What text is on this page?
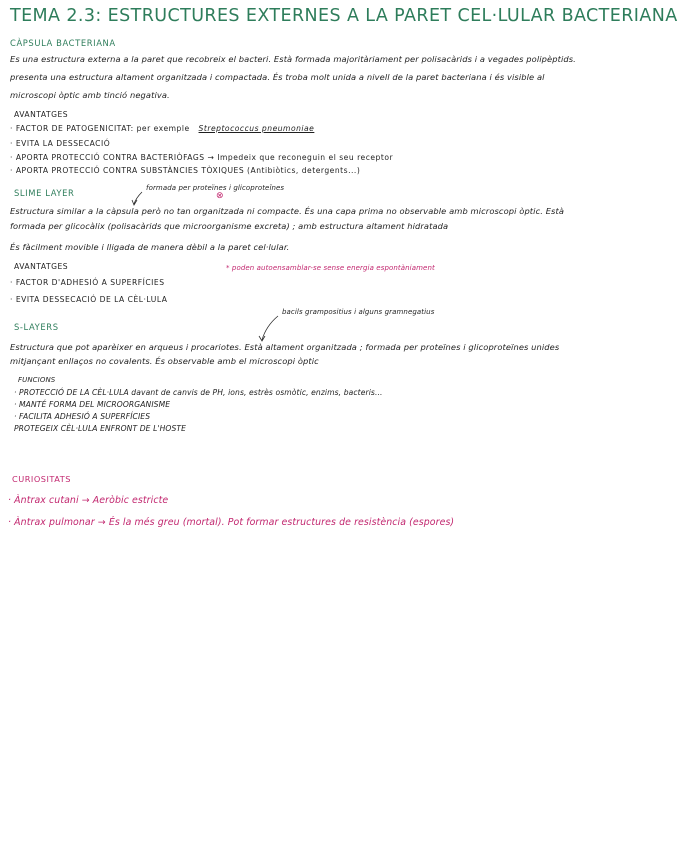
TEMA 2.3: ESTRUCTURES EXTERNES A LA PARET CEL·LULAR BACTERIANA
CÀPSULA BACTERIANA
Es una estructura externa a la paret que recobreix el bacteri. Està formada majoritàriament per polisacàrids i a vegades polipèptids.
presenta una estructura altament organitzada i compactada. És troba molt unida a nivell de la paret bacteriana i és visible al
microscopi òptic amb tinció negativa.
AVANTATGES
· FACTOR DE PATOGENICITAT: per exemple Streptococcus pneumoniae
· EVITA LA DESSECACIÓ
· APORTA PROTECCIÓ CONTRA BACTERIÒFAGS → Impedeix que reconeguin el seu receptor
· APORTA PROTECCIÓ CONTRA SUBSTÀNCIES TÒXIQUES (Antibiòtics, detergents...)
SLIME LAYER	formada per proteïnes i glicoproteïnes
⊗
Estructura similar a la càpsula però no tan organitzada ni compacte. És una capa prima no observable amb microscopi òptic. Està
formada per glicocàlix (polisacàrids que microorganisme excreta) ; amb estructura altament hidratada
És fàcilment movible i lligada de manera dèbil a la paret cel·lular.
AVANTATGES	* poden autoensamblar-se sense energia espontàniament
· FACTOR D'ADHESIÓ A SUPERFÍCIES
· EVITA DESSECACIÓ DE LA CÈL·LULA
S-LAYERS
bacils grampositius i alguns gramnegatius
Estructura que pot aparèixer en arqueus i procariotes. Està altament organitzada ; formada per proteïnes i glicoproteïnes unides
mitjançant enllaços no covalents. És observable amb el microscopi òptic
FUNCIONS
· PROTECCIÓ DE LA CÈL·LULA davant de canvis de PH, ions, estrès osmòtic, enzims, bacteris...
· MANTÉ FORMA DEL MICROORGANISME
· FACILITA ADHESIÓ A SUPERFÍCIES
PROTEGEIX CÈL·LULA ENFRONT DE L'HOSTE
CURIOSITATS
· Àntrax cutani → Aeròbic estricte
· Àntrax pulmonar → És la més greu (mortal). Pot formar estructures de resistència (espores)
